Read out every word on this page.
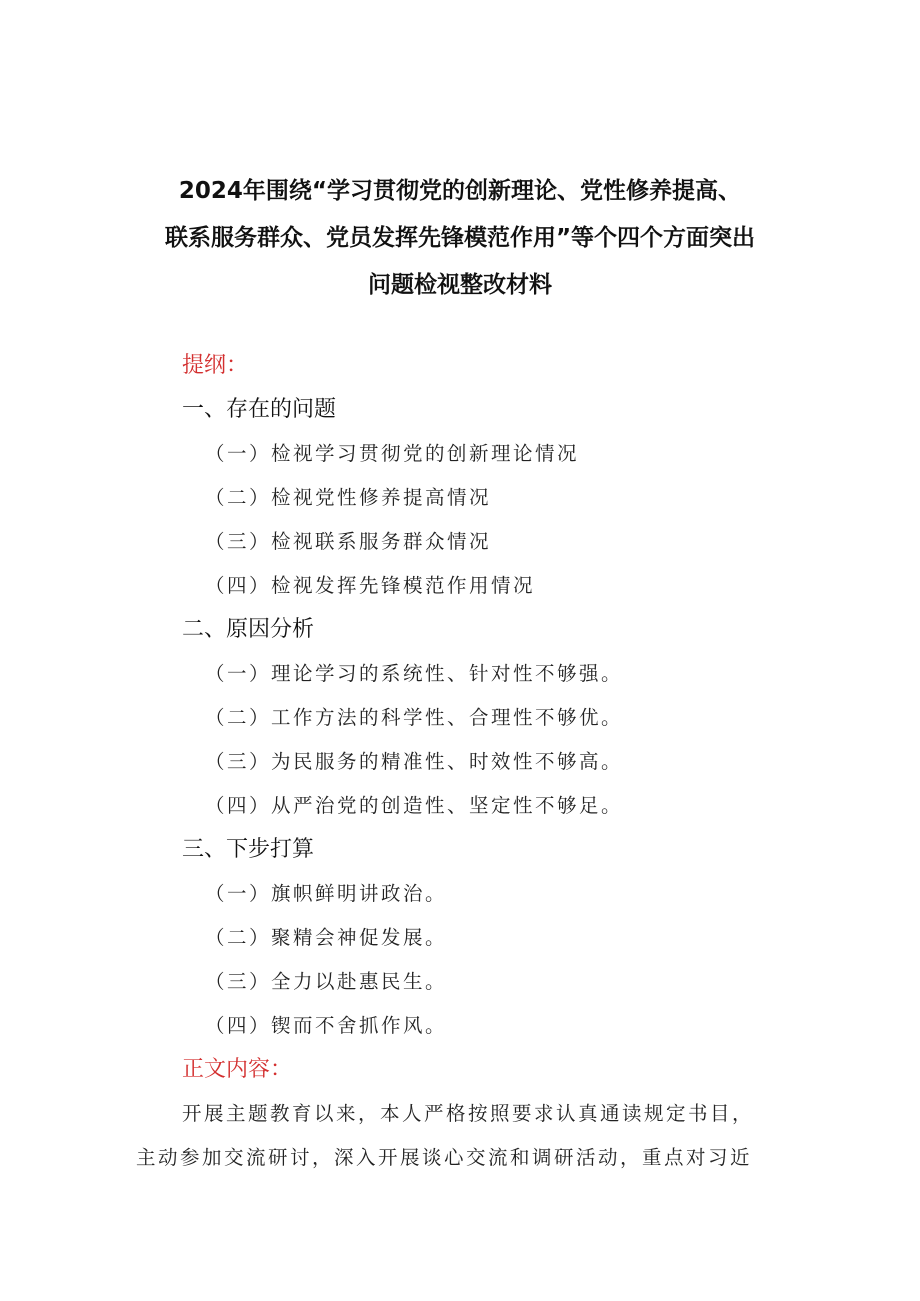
2024年围绕“学习贯彻党的创新理论、党性修养提高、
联系服务群众、党员发挥先锋模范作用”等个四个方面突出
问题检视整改材料
提纲：
一、存在的问题
（一）检视学习贯彻党的创新理论情况
（二）检视党性修养提高情况
（三）检视联系服务群众情况
（四）检视发挥先锋模范作用情况
二、原因分析
（一）理论学习的系统性、针对性不够强。
（二）工作方法的科学性、合理性不够优。
（三）为民服务的精准性、时效性不够高。
（四）从严治党的创造性、坚定性不够足。
三、下步打算
（一）旗帜鲜明讲政治。
（二）聚精会神促发展。
（三）全力以赴惠民生。
（四）锲而不舍抓作风。
正文内容：
开展主题教育以来，本人严格按照要求认真通读规定书目，
主动参加交流研讨，深入开展谈心交流和调研活动，重点对习近
